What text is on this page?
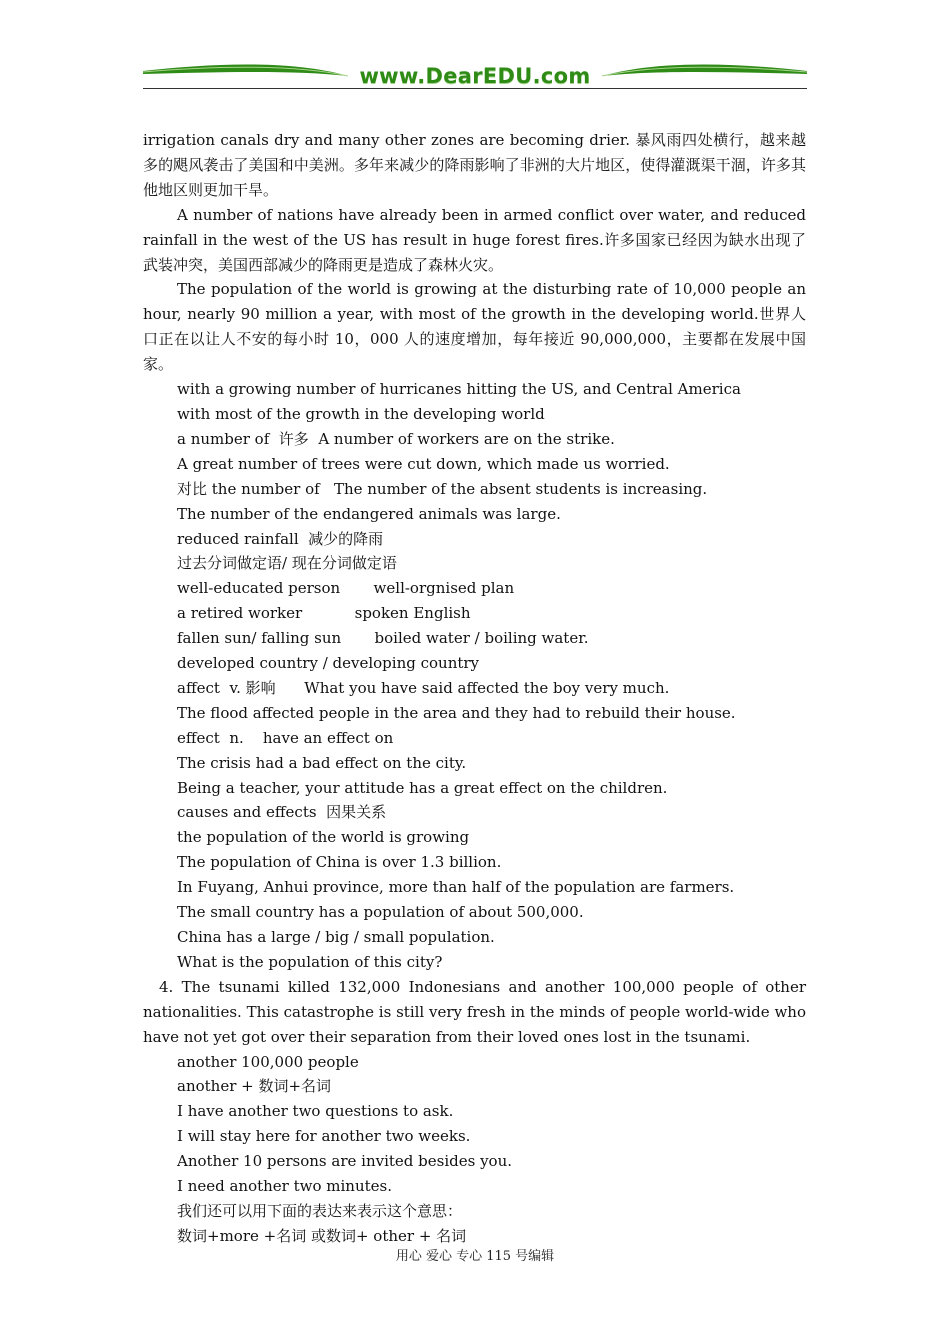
www.DearEDU.com

irrigation canals dry and many other zones are becoming drier. 暴风雨四处横行，越来越多的飓风袭击了美国和中美洲。多年来减少的降雨影响了非洲的大片地区，使得灌溉渠干涸，许多其他地区则更加干旱。

A number of nations have already been in armed conflict over water, and reduced rainfall in the west of the US has result in huge forest fires.许多国家已经因为缺水出现了武装冲突，美国西部减少的降雨更是造成了森林火灾。

The population of the world is growing at the disturbing rate of 10,000 people an hour, nearly 90 million a year, with most of the growth in the developing world.世界人口正在以让人不安的每小时 10，000 人的速度增加，每年接近 90,000,000，主要都在发展中国家。

with a growing number of hurricanes hitting the US, and Central America
with most of the growth in the developing world
a number of  许多  A number of workers are on the strike.
A great number of trees were cut down, which made us worried.
对比 the number of   The number of the absent students is increasing.
The number of the endangered animals was large.
reduced rainfall  减少的降雨
过去分词做定语/ 现在分词做定语
well-educated person       well-orgnised plan
a retired worker           spoken English
fallen sun/ falling sun       boiled water / boiling water.
developed country / developing country
affect  v. 影响      What you have said affected the boy very much.
The flood affected people in the area and they had to rebuild their house.
effect  n.    have an effect on
The crisis had a bad effect on the city.
Being a teacher, your attitude has a great effect on the children.
causes and effects  因果关系
the population of the world is growing
The population of China is over 1.3 billion.
In Fuyang, Anhui province, more than half of the population are farmers.
The small country has a population of about 500,000.
China has a large / big / small population.
What is the population of this city?

4. The tsunami killed 132,000 Indonesians and another 100,000 people of other nationalities. This catastrophe is still very fresh in the minds of people world-wide who have not yet got over their separation from their loved ones lost in the tsunami.

another 100,000 people
another + 数词+名词
I have another two questions to ask.
I will stay here for another two weeks.
Another 10 persons are invited besides you.
I need another two minutes.
我们还可以用下面的表达来表示这个意思：
数词+more +名词 或数词+ other + 名词
用心 爱心 专心 115 号编辑
